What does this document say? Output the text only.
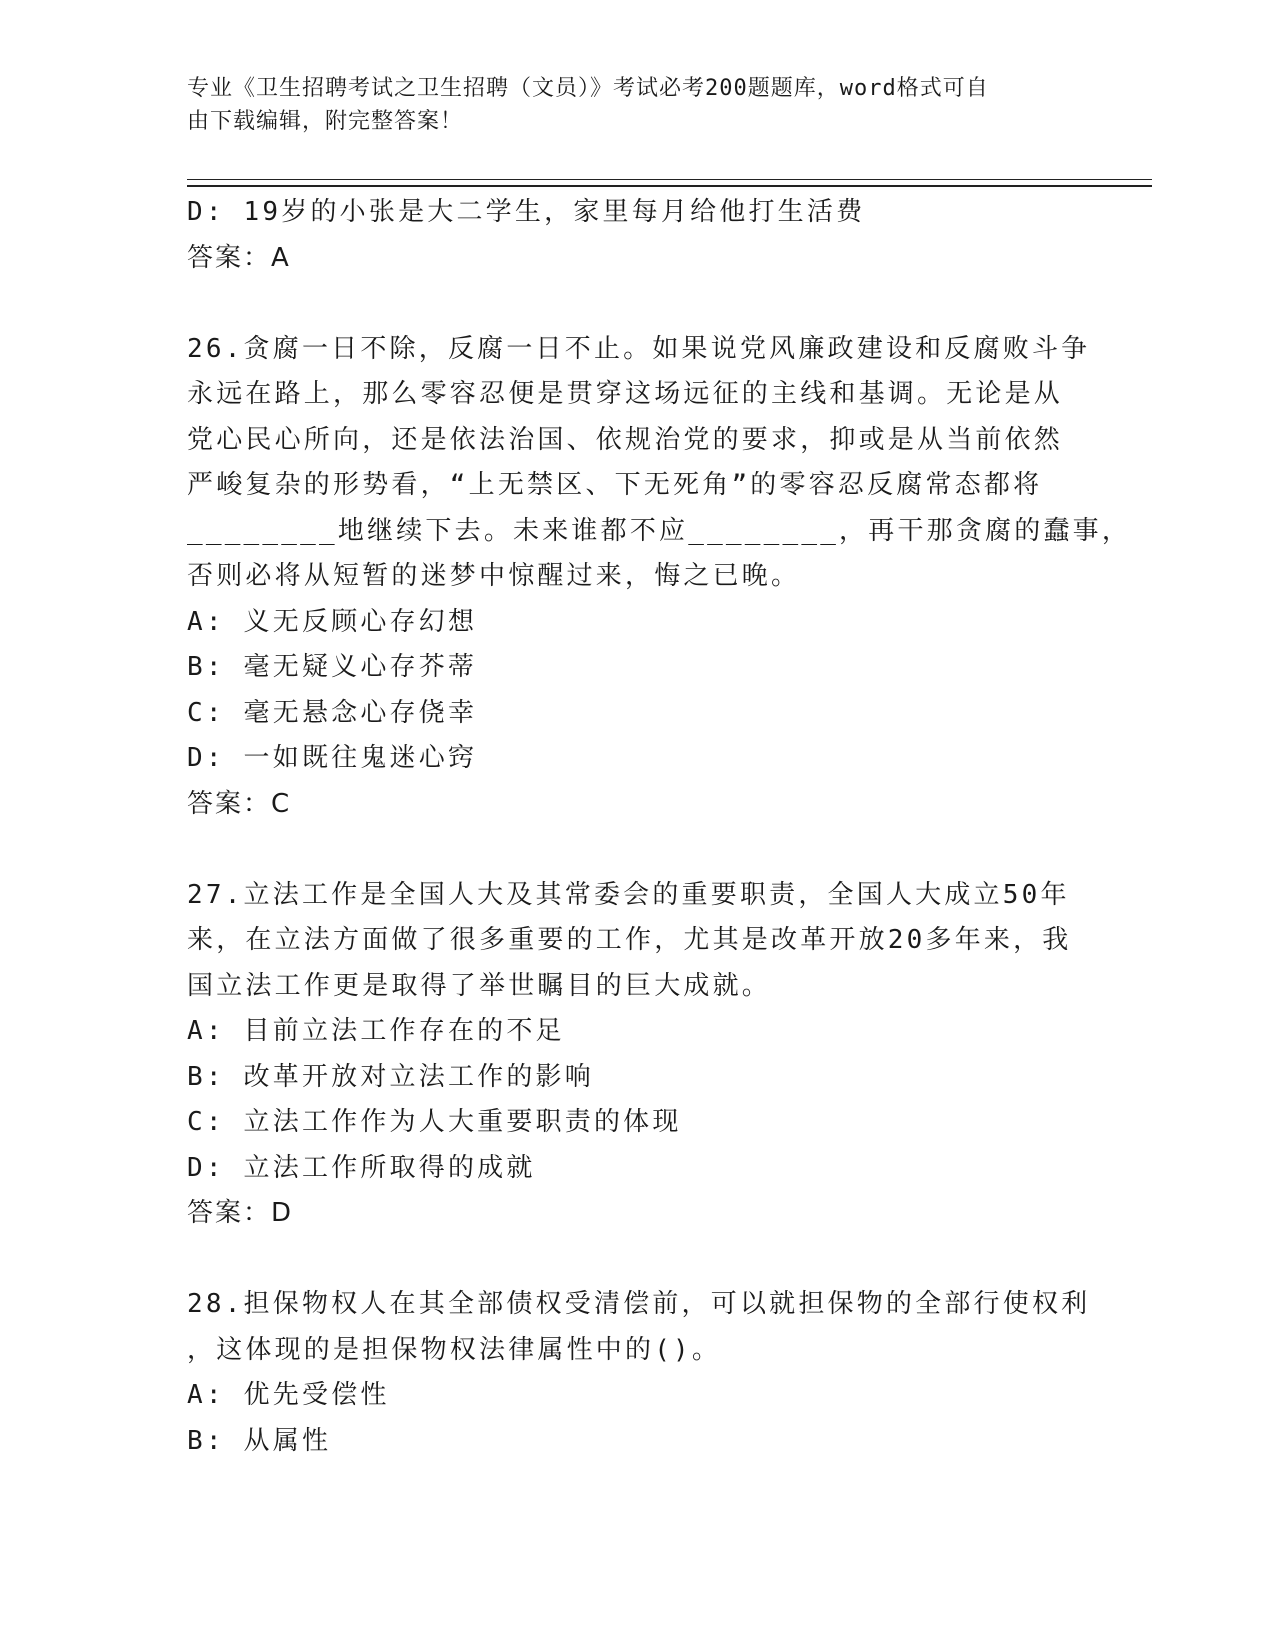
专业《卫生招聘考试之卫生招聘（文员）》考试必考200题题库，word格式可自
由下载编辑，附完整答案！
D: 19岁的小张是大二学生，家里每月给他打生活费
答案：A
26.贪腐一日不除，反腐一日不止。如果说党风廉政建设和反腐败斗争
永远在路上，那么零容忍便是贯穿这场远征的主线和基调。无论是从
党心民心所向，还是依法治国、依规治党的要求，抑或是从当前依然
严峻复杂的形势看，“上无禁区、下无死角”的零容忍反腐常态都将
________地继续下去。未来谁都不应________，再干那贪腐的蠢事，
否则必将从短暂的迷梦中惊醒过来，悔之已晚。
A: 义无反顾心存幻想
B: 毫无疑义心存芥蒂
C: 毫无悬念心存侥幸
D: 一如既往鬼迷心窍
答案：C
27.立法工作是全国人大及其常委会的重要职责，全国人大成立50年
来，在立法方面做了很多重要的工作，尤其是改革开放20多年来，我
国立法工作更是取得了举世瞩目的巨大成就。
A: 目前立法工作存在的不足
B: 改革开放对立法工作的影响
C: 立法工作作为人大重要职责的体现
D: 立法工作所取得的成就
答案：D
28.担保物权人在其全部债权受清偿前，可以就担保物的全部行使权利
，这体现的是担保物权法律属性中的()。
A: 优先受偿性
B: 从属性
